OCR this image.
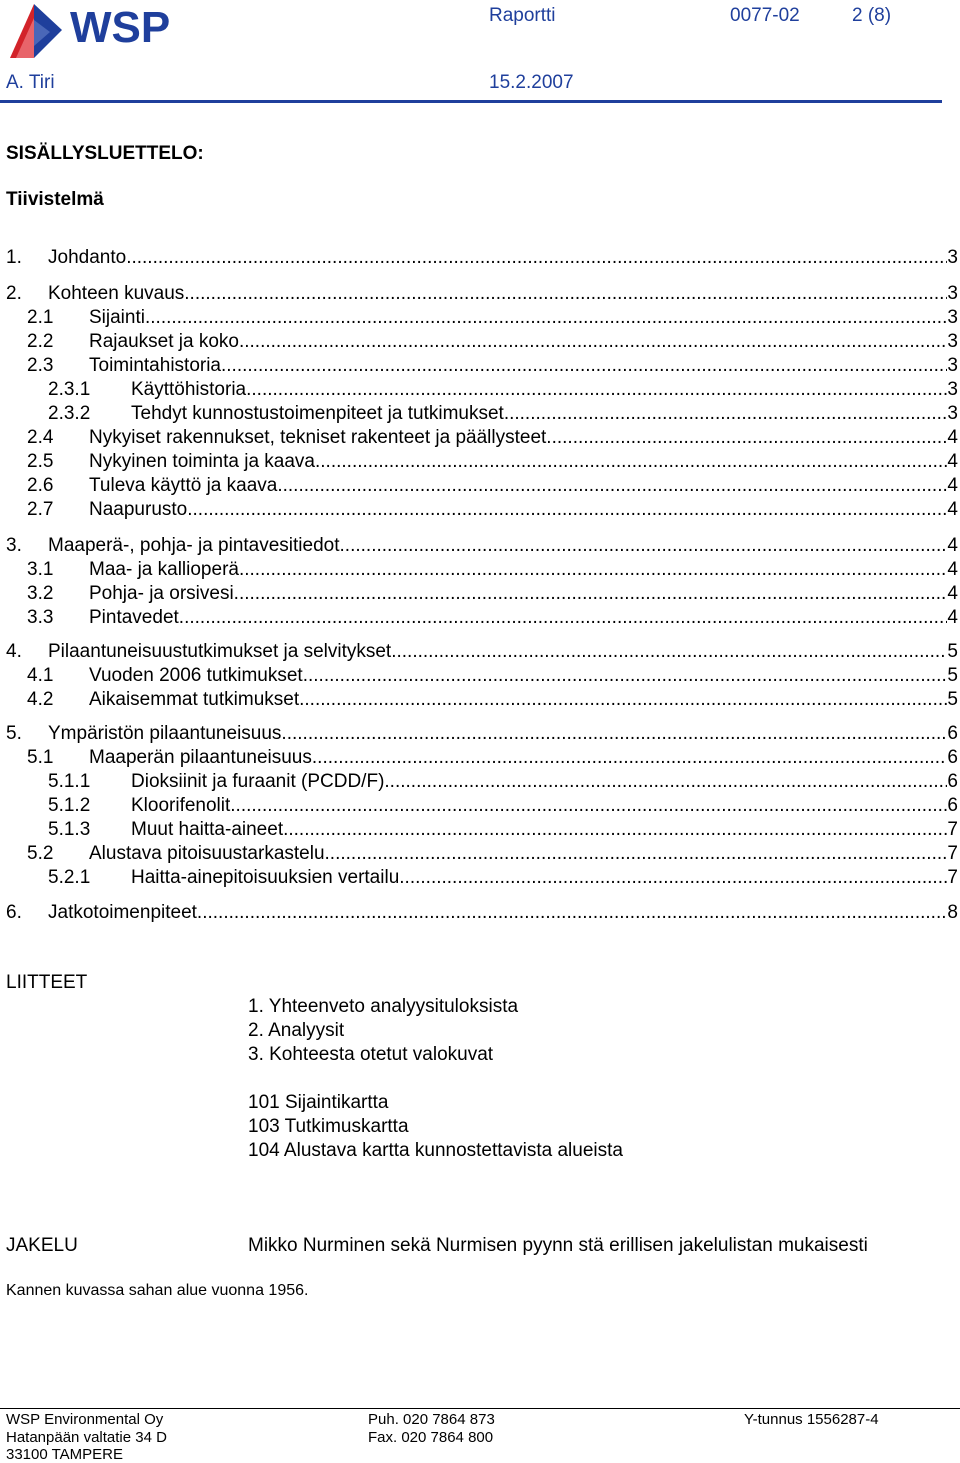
WSP	Raportti	0077-02	2 (8)
A. Tiri	15.2.2007
SISÄLLYSLUETTELO:
Tiivistelmä
1.	Johdanto .....	3
2.	Kohteen kuvaus .....	3
2.1	Sijainti .....	3
2.2	Rajaukset ja koko .....	3
2.3	Toimintahistoria .....	3
2.3.1	Käyttöhistoria .....	3
2.3.2	Tehdyt kunnostustoimenpiteet ja tutkimukset .....	3
2.4	Nykyiset rakennukset, tekniset rakenteet ja päällysteet .....	4
2.5	Nykyinen toiminta ja kaava .....	4
2.6	Tuleva käyttö ja kaava .....	4
2.7	Naapurusto .....	4
3.	Maaperä-, pohja- ja pintavesitiedot .....	4
3.1	Maa- ja kallioperä .....	4
3.2	Pohja- ja orsivesi .....	4
3.3	Pintavedet .....	4
4.	Pilaantuneisuustutkimukset ja selvitykset .....	5
4.1	Vuoden 2006 tutkimukset .....	5
4.2	Aikaisemmat tutkimukset .....	5
5.	Ympäristön pilaantuneisuus .....	6
5.1	Maaperän pilaantuneisuus .....	6
5.1.1	Dioksiinit ja furaanit (PCDD/F) .....	6
5.1.2	Kloorifenolit .....	6
5.1.3	Muut haitta-aineet .....	7
5.2	Alustava pitoisuustarkastelu .....	7
5.2.1	Haitta-ainepitoisuuksien vertailu .....	7
6.	Jatkotoimenpiteet .....	8
LIITTEET
1. Yhteenveto analyysituloksista
2. Analyysit
3. Kohteesta otetut valokuvat
101 Sijaintikartta
103 Tutkimuskartta
104 Alustava kartta kunnostettavista alueista
JAKELU	Mikko Nurminen sekä Nurmisen pyynn stä erillisen jakelulistan mukaisesti
Kannen kuvassa sahan alue vuonna 1956.
WSP Environmental Oy
Hatanpään valtatie 34 D
33100 TAMPERE
Puh. 020 7864 873
Fax. 020 7864 800
Y-tunnus 1556287-4
